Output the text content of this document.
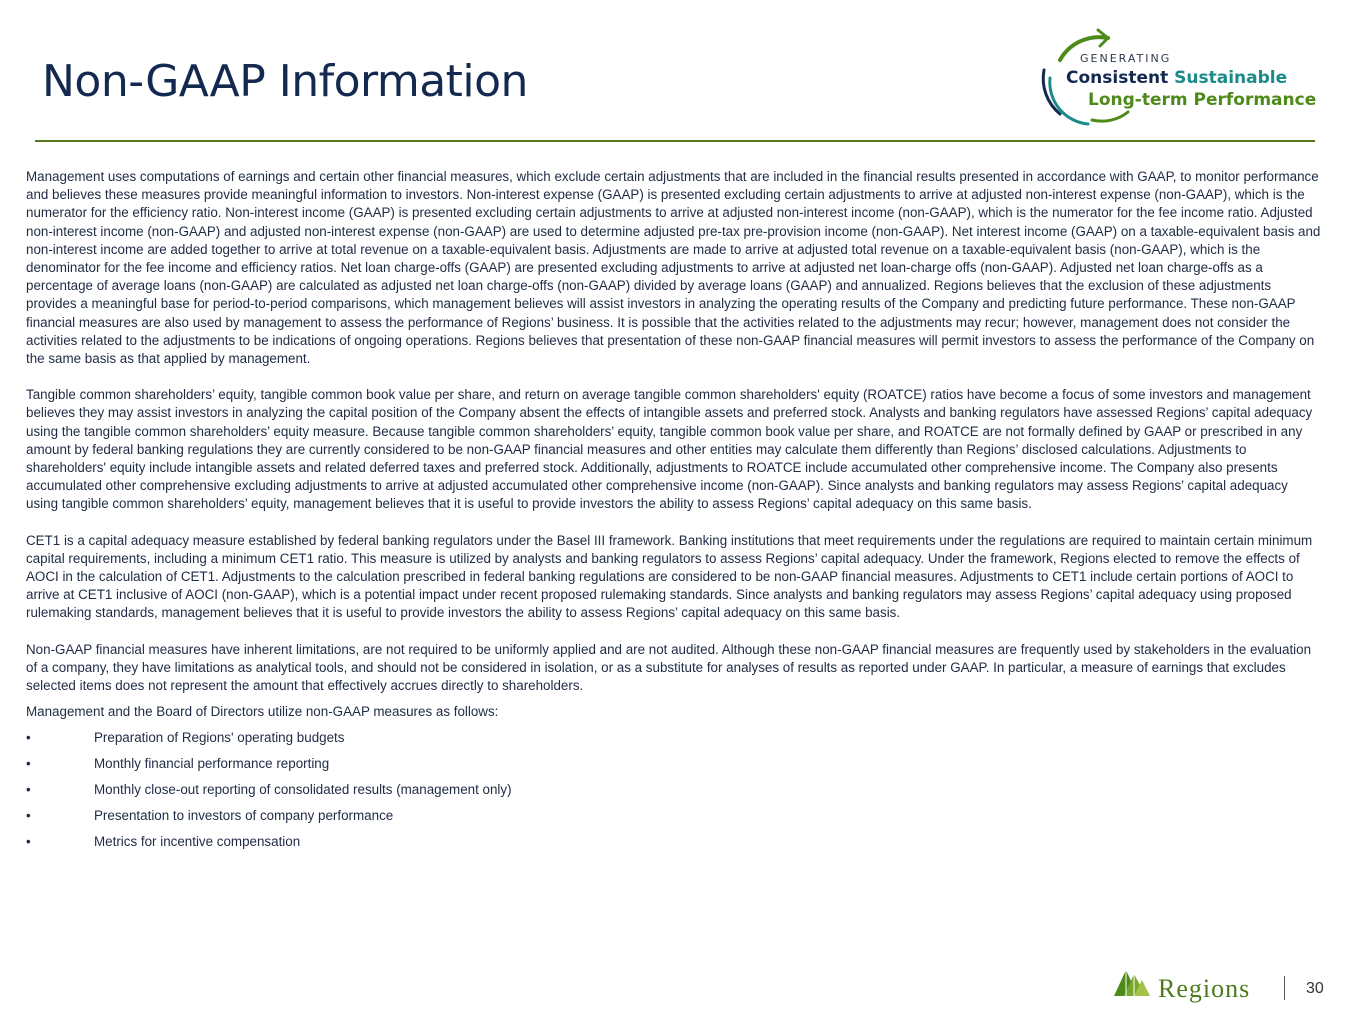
Non-GAAP Information	GENERATING
Consistent Sustainable
Long-term Performance

Management uses computations of earnings and certain other financial measures, which exclude certain adjustments that are included in the financial results presented in accordance with GAAP, to monitor performance and believes these measures provide meaningful information to investors. Non-interest expense (GAAP) is presented excluding certain adjustments to arrive at adjusted non-interest expense (non-GAAP), which is the numerator for the efficiency ratio. Non-interest income (GAAP) is presented excluding certain adjustments to arrive at adjusted non-interest income (non-GAAP), which is the numerator for the fee income ratio. Adjusted non-interest income (non-GAAP) and adjusted non-interest expense (non-GAAP) are used to determine adjusted pre-tax pre-provision income (non-GAAP). Net interest income (GAAP) on a taxable-equivalent basis and non-interest income are added together to arrive at total revenue on a taxable-equivalent basis. Adjustments are made to arrive at adjusted total revenue on a taxable-equivalent basis (non-GAAP), which is the denominator for the fee income and efficiency ratios. Net loan charge-offs (GAAP) are presented excluding adjustments to arrive at adjusted net loan-charge offs (non-GAAP). Adjusted net loan charge-offs as a percentage of average loans (non-GAAP) are calculated as adjusted net loan charge-offs (non-GAAP) divided by average loans (GAAP) and annualized. Regions believes that the exclusion of these adjustments provides a meaningful base for period-to-period comparisons, which management believes will assist investors in analyzing the operating results of the Company and predicting future performance. These non-GAAP financial measures are also used by management to assess the performance of Regions’ business. It is possible that the activities related to the adjustments may recur; however, management does not consider the activities related to the adjustments to be indications of ongoing operations. Regions believes that presentation of these non-GAAP financial measures will permit investors to assess the performance of the Company on the same basis as that applied by management.

Tangible common shareholders’ equity, tangible common book value per share, and return on average tangible common shareholders' equity (ROATCE) ratios have become a focus of some investors and management believes they may assist investors in analyzing the capital position of the Company absent the effects of intangible assets and preferred stock. Analysts and banking regulators have assessed Regions’ capital adequacy using the tangible common shareholders’ equity measure. Because tangible common shareholders’ equity, tangible common book value per share, and ROATCE are not formally defined by GAAP or prescribed in any amount by federal banking regulations they are currently considered to be non-GAAP financial measures and other entities may calculate them differently than Regions’ disclosed calculations. Adjustments to shareholders' equity include intangible assets and related deferred taxes and preferred stock. Additionally, adjustments to ROATCE include accumulated other comprehensive income. The Company also presents accumulated other comprehensive excluding adjustments to arrive at adjusted accumulated other comprehensive income (non-GAAP). Since analysts and banking regulators may assess Regions’ capital adequacy using tangible common shareholders’ equity, management believes that it is useful to provide investors the ability to assess Regions’ capital adequacy on this same basis.

CET1 is a capital adequacy measure established by federal banking regulators under the Basel III framework. Banking institutions that meet requirements under the regulations are required to maintain certain minimum capital requirements, including a minimum CET1 ratio. This measure is utilized by analysts and banking regulators to assess Regions’ capital adequacy. Under the framework, Regions elected to remove the effects of AOCI in the calculation of CET1. Adjustments to the calculation prescribed in federal banking regulations are considered to be non-GAAP financial measures. Adjustments to CET1 include certain portions of AOCI to arrive at CET1 inclusive of AOCI (non-GAAP), which is a potential impact under recent proposed rulemaking standards. Since analysts and banking regulators may assess Regions’ capital adequacy using proposed rulemaking standards, management believes that it is useful to provide investors the ability to assess Regions’ capital adequacy on this same basis.

Non-GAAP financial measures have inherent limitations, are not required to be uniformly applied and are not audited. Although these non-GAAP financial measures are frequently used by stakeholders in the evaluation of a company, they have limitations as analytical tools, and should not be considered in isolation, or as a substitute for analyses of results as reported under GAAP. In particular, a measure of earnings that excludes selected items does not represent the amount that effectively accrues directly to shareholders.

Management and the Board of Directors utilize non-GAAP measures as follows:

•	Preparation of Regions' operating budgets
•	Monthly financial performance reporting
•	Monthly close-out reporting of consolidated results (management only)
•	Presentation to investors of company performance
•	Metrics for incentive compensation
Regions	30
